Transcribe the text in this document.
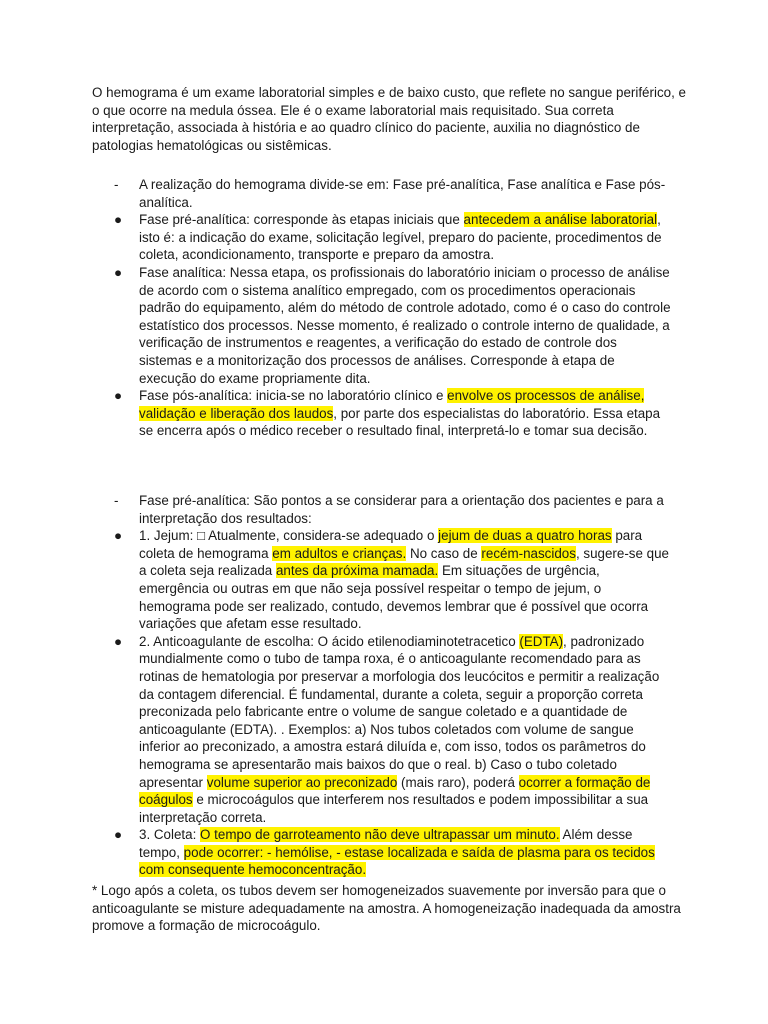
O hemograma é um exame laboratorial simples e de baixo custo, que reflete no sangue periférico, e o que ocorre na medula óssea. Ele é o exame laboratorial mais requisitado. Sua correta interpretação, associada à história e ao quadro clínico do paciente, auxilia no diagnóstico de patologias hematológicas ou sistêmicas.

-	A realização do hemograma divide-se em: Fase pré-analítica, Fase analítica e Fase pós-analítica.
●	Fase pré-analítica: corresponde às etapas iniciais que antecedem a análise laboratorial, isto é: a indicação do exame, solicitação legível, preparo do paciente, procedimentos de coleta, acondicionamento, transporte e preparo da amostra.
●	Fase analítica: Nessa etapa, os profissionais do laboratório iniciam o processo de análise de acordo com o sistema analítico empregado, com os procedimentos operacionais padrão do equipamento, além do método de controle adotado, como é o caso do controle estatístico dos processos. Nesse momento, é realizado o controle interno de qualidade, a verificação de instrumentos e reagentes, a verificação do estado de controle dos sistemas e a monitorização dos processos de análises. Corresponde à etapa de execução do exame propriamente dita.
●	Fase pós-analítica: inicia-se no laboratório clínico e envolve os processos de análise, validação e liberação dos laudos, por parte dos especialistas do laboratório. Essa etapa se encerra após o médico receber o resultado final, interpretá-lo e tomar sua decisão.
-	Fase pré-analítica: São pontos a se considerar para a orientação dos pacientes e para a interpretação dos resultados:
●	1. Jejum: □ Atualmente, considera-se adequado o jejum de duas a quatro horas para coleta de hemograma em adultos e crianças. No caso de recém-nascidos, sugere-se que a coleta seja realizada antes da próxima mamada. Em situações de urgência, emergência ou outras em que não seja possível respeitar o tempo de jejum, o hemograma pode ser realizado, contudo, devemos lembrar que é possível que ocorra variações que afetam esse resultado.
●	2. Anticoagulante de escolha: O ácido etilenodiaminotetracetico (EDTA), padronizado mundialmente como o tubo de tampa roxa, é o anticoagulante recomendado para as rotinas de hematologia por preservar a morfologia dos leucócitos e permitir a realização da contagem diferencial. É fundamental, durante a coleta, seguir a proporção correta preconizada pelo fabricante entre o volume de sangue coletado e a quantidade de anticoagulante (EDTA). . Exemplos: a) Nos tubos coletados com volume de sangue inferior ao preconizado, a amostra estará diluída e, com isso, todos os parâmetros do hemograma se apresentarão mais baixos do que o real. b) Caso o tubo coletado apresentar volume superior ao preconizado (mais raro), poderá ocorrer a formação de coágulos e microcoágulos que interferem nos resultados e podem impossibilitar a sua interpretação correta.
●	3. Coleta: O tempo de garroteamento não deve ultrapassar um minuto. Além desse tempo, pode ocorrer: - hemólise, - estase localizada e saída de plasma para os tecidos com consequente hemoconcentração.

* Logo após a coleta, os tubos devem ser homogeneizados suavemente por inversão para que o anticoagulante se misture adequadamente na amostra. A homogeneização inadequada da amostra promove a formação de microcoágulo.
